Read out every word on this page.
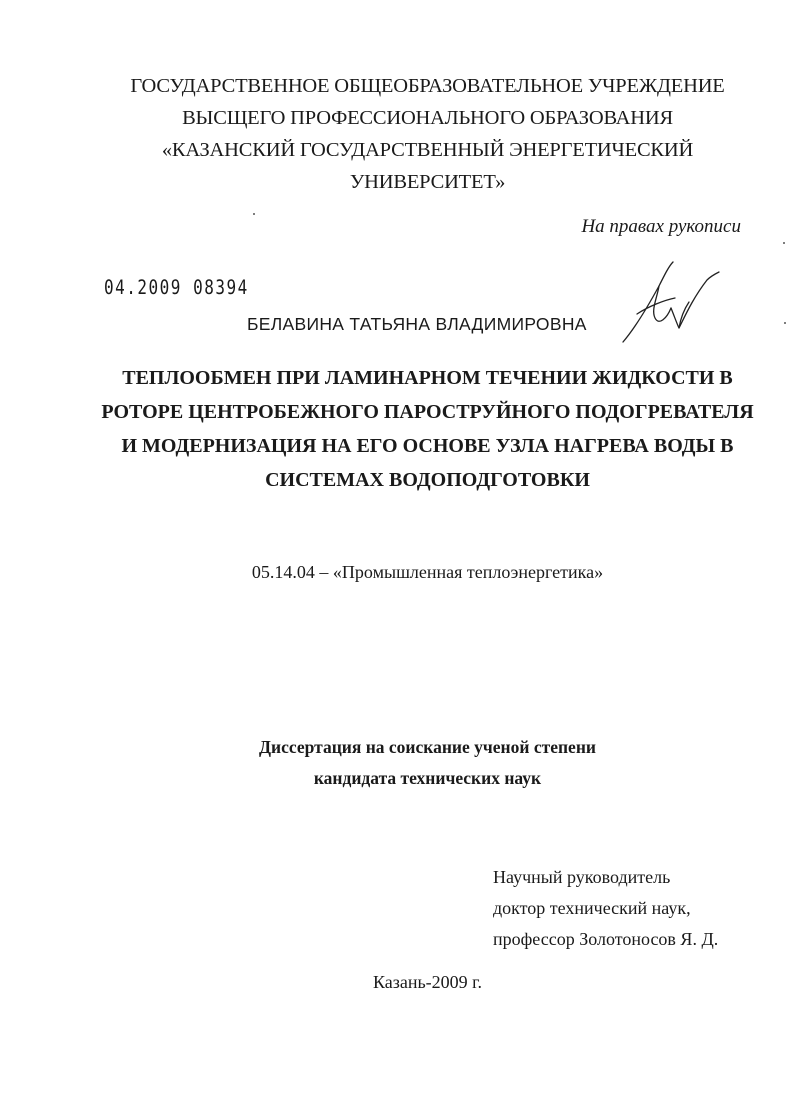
ГОСУДАРСТВЕННОЕ ОБЩЕОБРАЗОВАТЕЛЬНОЕ УЧРЕЖДЕНИЕ
ВЫСЩЕГО ПРОФЕССИОНАЛЬНОГО ОБРАЗОВАНИЯ
«КАЗАНСКИЙ ГОСУДАРСТВЕННЫЙ ЭНЕРГЕТИЧЕСКИЙ
УНИВЕРСИТЕТ»
На правах рукописи
04.2009 08394
БЕЛАВИНА ТАТЬЯНА ВЛАДИМИРОВНА
ТЕПЛООБМЕН ПРИ ЛАМИНАРНОМ ТЕЧЕНИИ ЖИДКОСТИ В
РОТОРЕ ЦЕНТРОБЕЖНОГО ПАРОСТРУЙНОГО ПОДОГРЕВАТЕЛЯ
И МОДЕРНИЗАЦИЯ НА ЕГО ОСНОВЕ УЗЛА НАГРЕВА ВОДЫ В
СИСТЕМАХ ВОДОПОДГОТОВКИ
05.14.04 – «Промышленная теплоэнергетика»
Диссертация на соискание ученой степени
кандидата технических наук
Научный руководитель
доктор технический наук,
профессор Золотоносов Я. Д.
Казань-2009 г.
